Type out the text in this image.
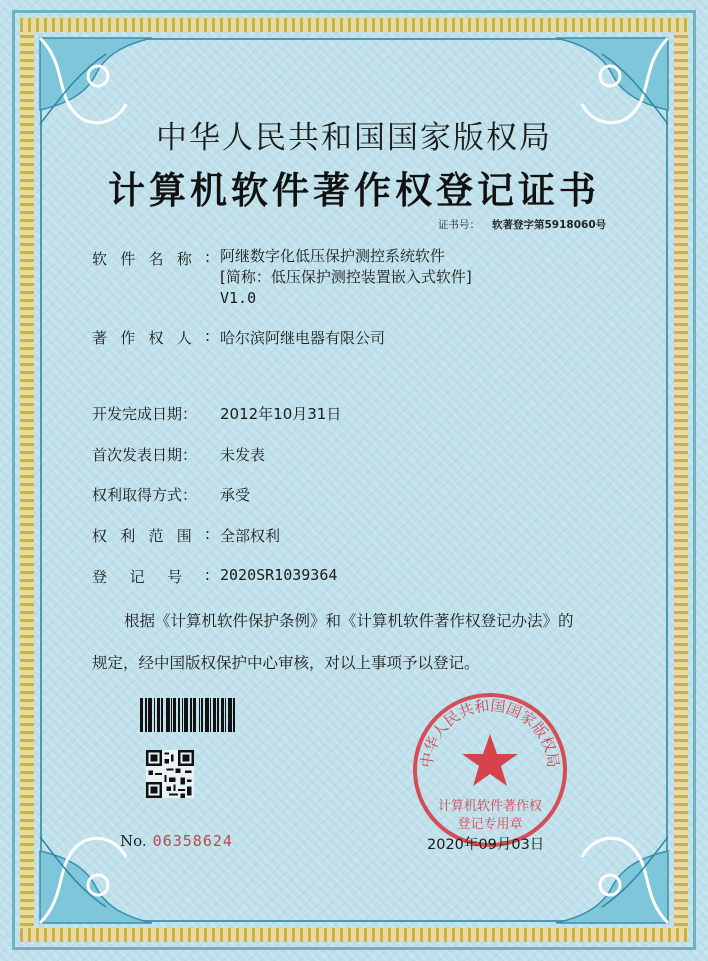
中华人民共和国国家版权局
计算机软件著作权登记证书
证书号： 软著登字第5918060号
软 件 名 称 : 阿继数字化低压保护测控系统软件
[简称：低压保护测控装置嵌入式软件]
V1.0
著 作 权 人 : 哈尔滨阿继电器有限公司
开发完成日期： 2012年10月31日
首次发表日期： 未发表
权利取得方式： 承受
权 利 范 围 : 全部权利
登 记 号 : 2020SR1039364
根据《计算机软件保护条例》和《计算机软件著作权登记办法》的
规定，经中国版权保护中心审核，对以上事项予以登记。
No. 06358624
中华人民共和国国家版权局
计算机软件著作权
登记专用章
2020年09月03日
